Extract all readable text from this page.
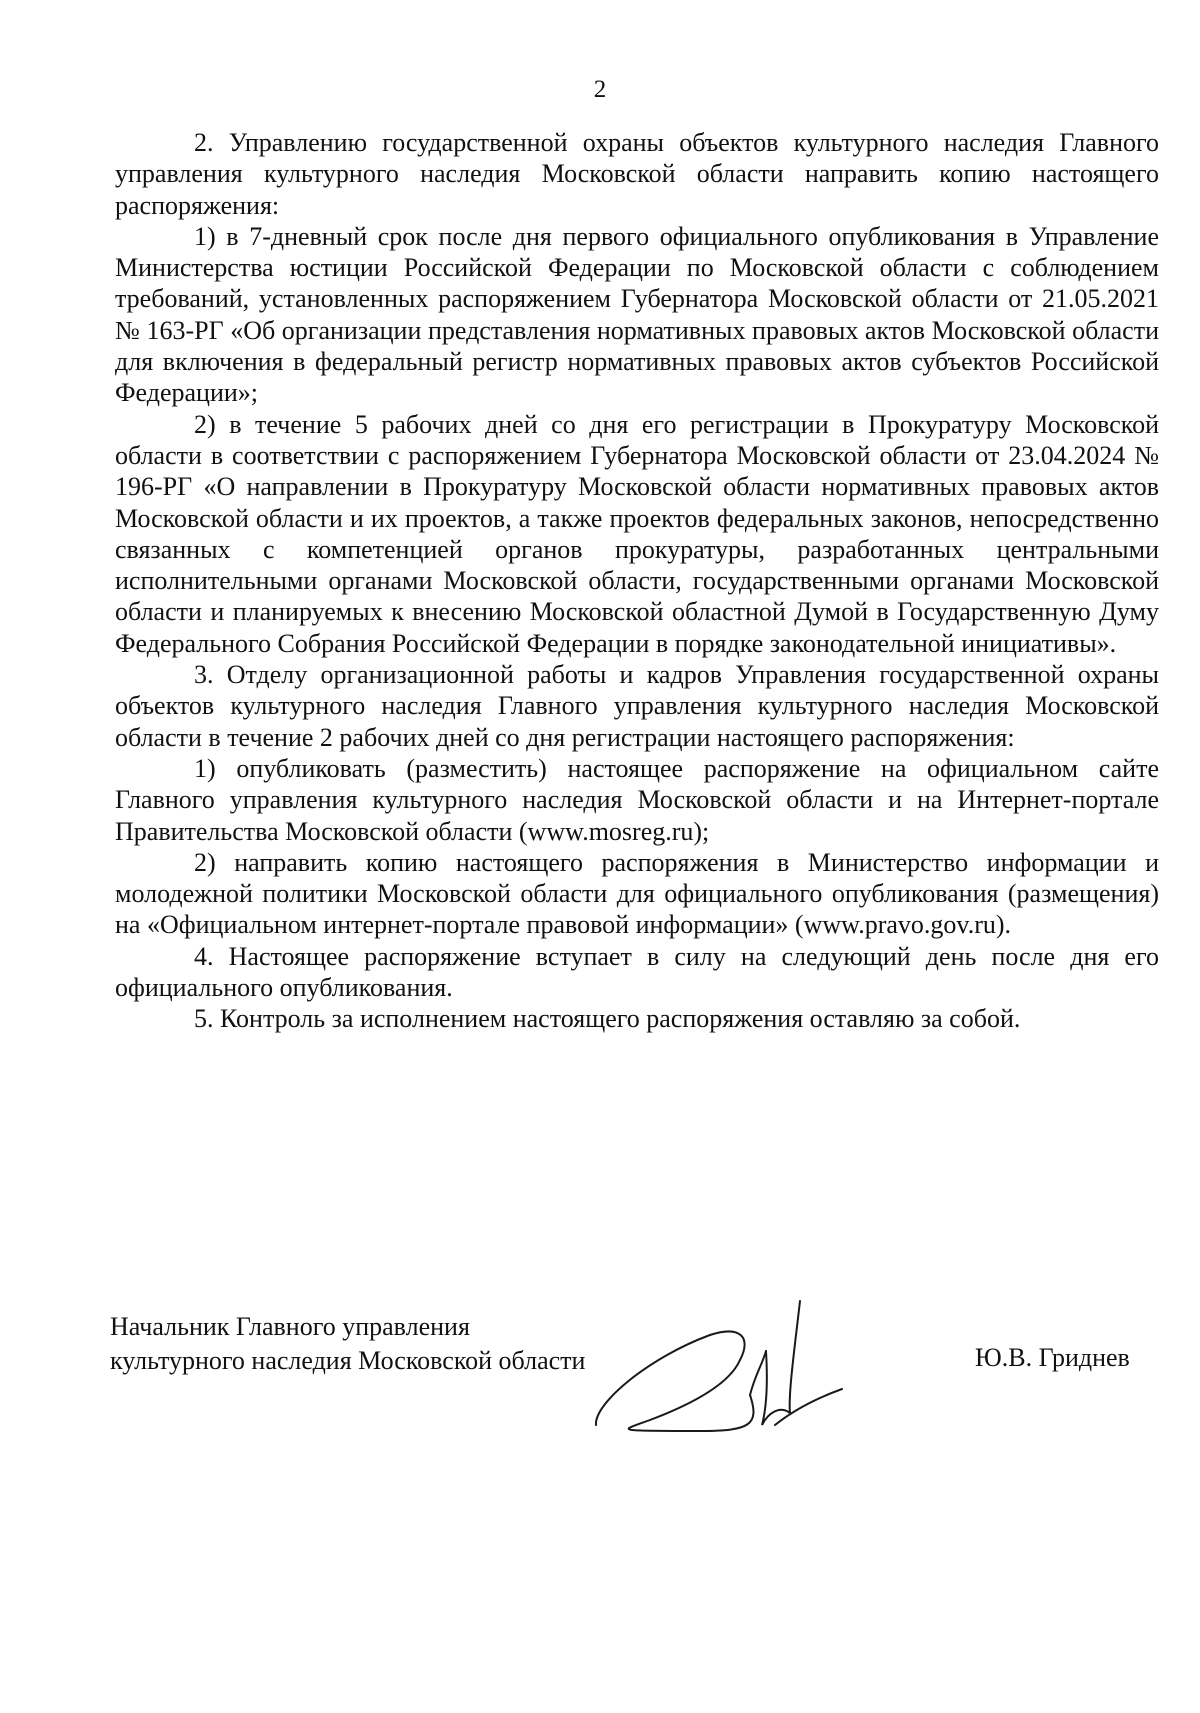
2

2. Управлению государственной охраны объектов культурного наследия Главного управления культурного наследия Московской области направить копию настоящего распоряжения:

1) в 7-дневный срок после дня первого официального опубликования в Управление Министерства юстиции Российской Федерации по Московской области с соблюдением требований, установленных распоряжением Губернатора Московской области от 21.05.2021 № 163-РГ «Об организации представления нормативных правовых актов Московской области для включения в федеральный регистр нормативных правовых актов субъектов Российской Федерации»;

2) в течение 5 рабочих дней со дня его регистрации в Прокуратуру Московской области в соответствии с распоряжением Губернатора Московской области от 23.04.2024 № 196-РГ «О направлении в Прокуратуру Московской области нормативных правовых актов Московской области и их проектов, а также проектов федеральных законов, непосредственно связанных с компетенцией органов прокуратуры, разработанных центральными исполнительными органами Московской области, государственными органами Московской области и планируемых к внесению Московской областной Думой в Государственную Думу Федерального Собрания Российской Федерации в порядке законодательной инициативы».

3. Отделу организационной работы и кадров Управления государственной охраны объектов культурного наследия Главного управления культурного наследия Московской области в течение 2 рабочих дней со дня регистрации настоящего распоряжения:

1) опубликовать (разместить) настоящее распоряжение на официальном сайте Главного управления культурного наследия Московской области и на Интернет-портале Правительства Московской области (www.mosreg.ru);

2) направить копию настоящего распоряжения в Министерство информации и молодежной политики Московской области для официального опубликования (размещения) на «Официальном интернет-портале правовой информации» (www.pravo.gov.ru).

4. Настоящее распоряжение вступает в силу на следующий день после дня его официального опубликования.

5. Контроль за исполнением настоящего распоряжения оставляю за собой.

Начальник Главного управления
культурного наследия Московской области	Ю.В. Гриднев
